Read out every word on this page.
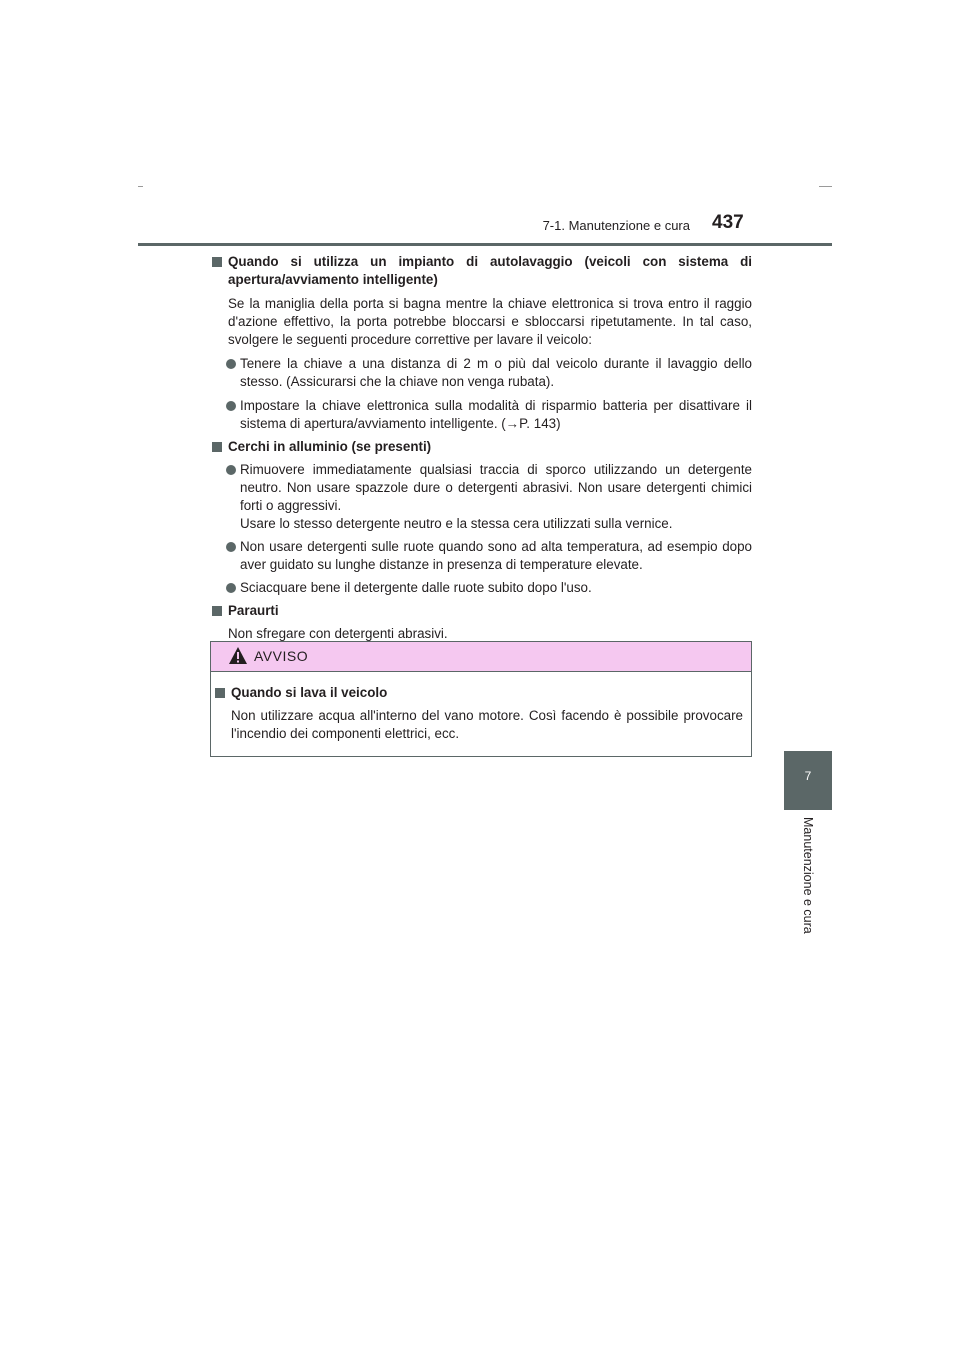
7-1. Manutenzione e cura 437
7
Manutenzione e cura
Quando si utilizza un impianto di autolavaggio (veicoli con sistema di apertura/avviamento intelligente)
Se la maniglia della porta si bagna mentre la chiave elettronica si trova entro il raggio d'azione effettivo, la porta potrebbe bloccarsi e sbloccarsi ripetutamente. In tal caso, svolgere le seguenti procedure correttive per lavare il veicolo:
Tenere la chiave a una distanza di 2 m o più dal veicolo durante il lavaggio dello stesso. (Assicurarsi che la chiave non venga rubata).
Impostare la chiave elettronica sulla modalità di risparmio batteria per disattivare il sistema di apertura/avviamento intelligente. (→P. 143)
Cerchi in alluminio (se presenti)
Rimuovere immediatamente qualsiasi traccia di sporco utilizzando un detergente neutro. Non usare spazzole dure o detergenti abrasivi. Non usare detergenti chimici forti o aggressivi.
Usare lo stesso detergente neutro e la stessa cera utilizzati sulla vernice.
Non usare detergenti sulle ruote quando sono ad alta temperatura, ad esempio dopo aver guidato su lunghe distanze in presenza di temperature elevate.
Sciacquare bene il detergente dalle ruote subito dopo l'uso.
Paraurti
Non sfregare con detergenti abrasivi.
AVVISO
Quando si lava il veicolo
Non utilizzare acqua all'interno del vano motore. Così facendo è possibile provocare l'incendio dei componenti elettrici, ecc.
